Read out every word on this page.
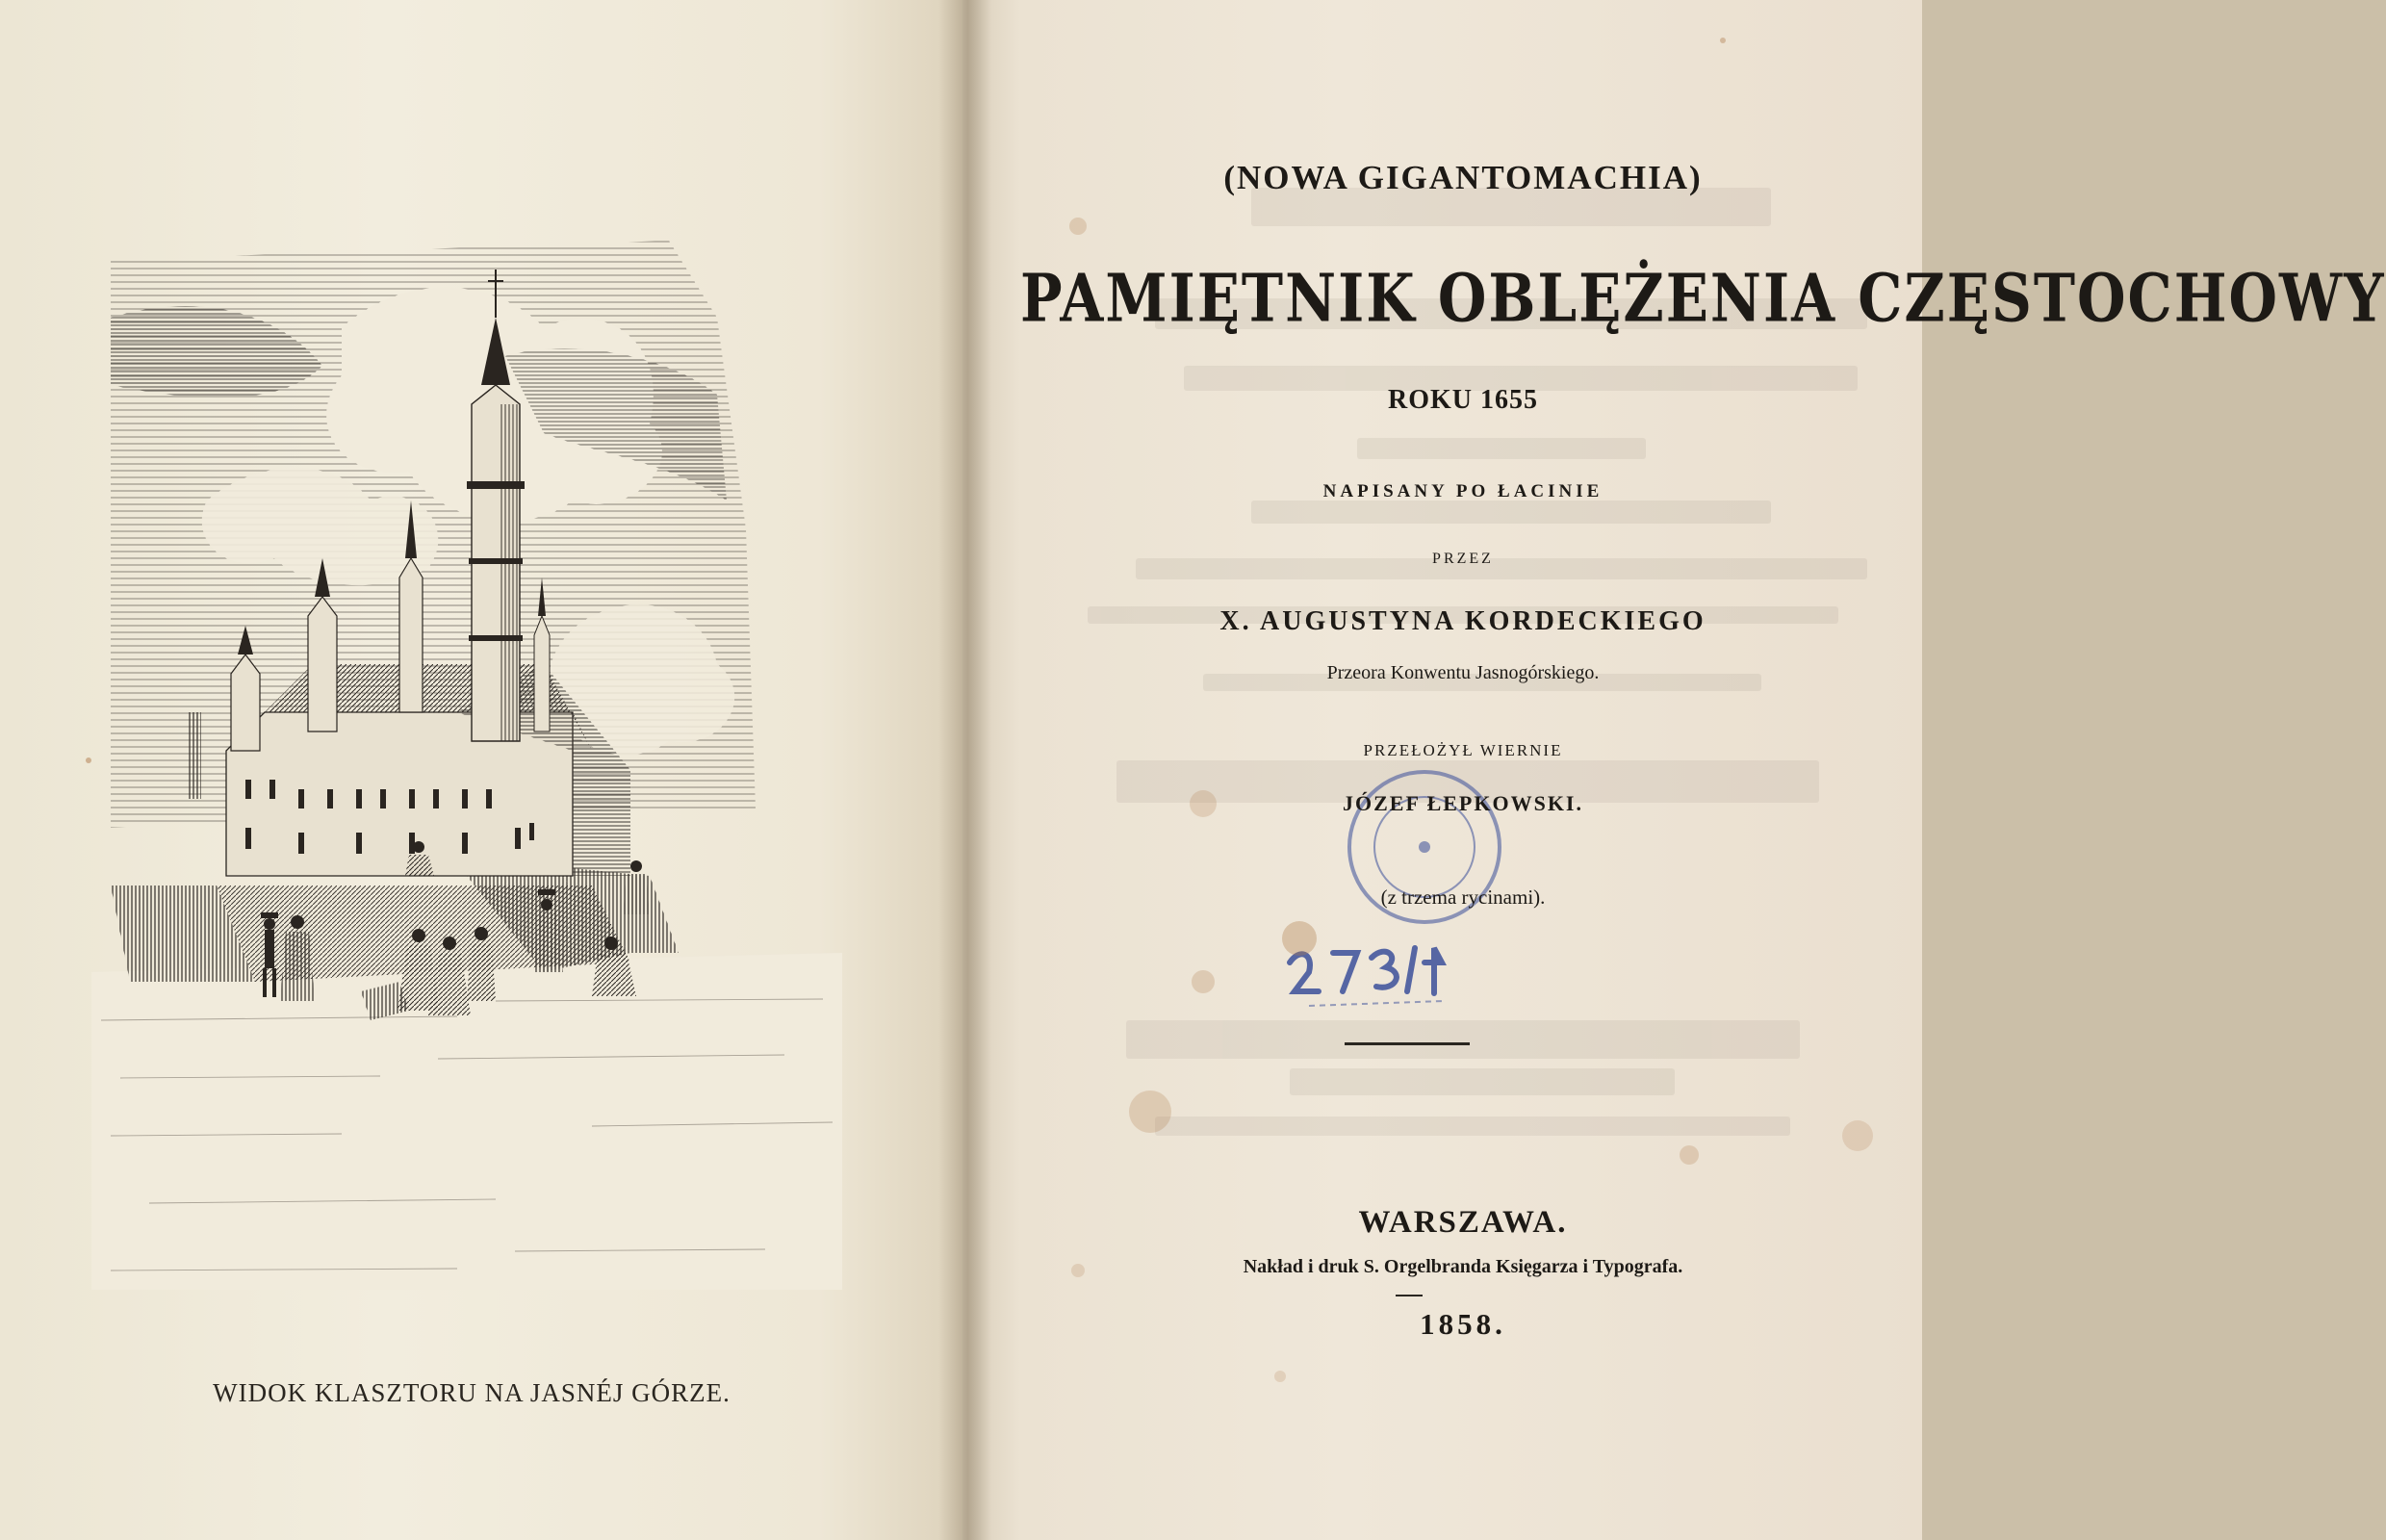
WIDOK KLASZTORU NA JASNÉJ GÓRZE.
(NOWA GIGANTOMACHIA)
PAMIĘTNIK OBLĘŻENIA CZĘSTOCHOWY
ROKU 1655
NAPISANY PO ŁACINIE
PRZEZ
X. AUGUSTYNA KORDECKIEGO
Przeora Konwentu Jasnogórskiego.
PRZEŁOŻYŁ WIERNIE
JÓZEF ŁEPKOWSKI.
(z trzema rycinami).
WARSZAWA.
Nakład i druk S. Orgelbranda Księgarza i Typografa.
1858.
